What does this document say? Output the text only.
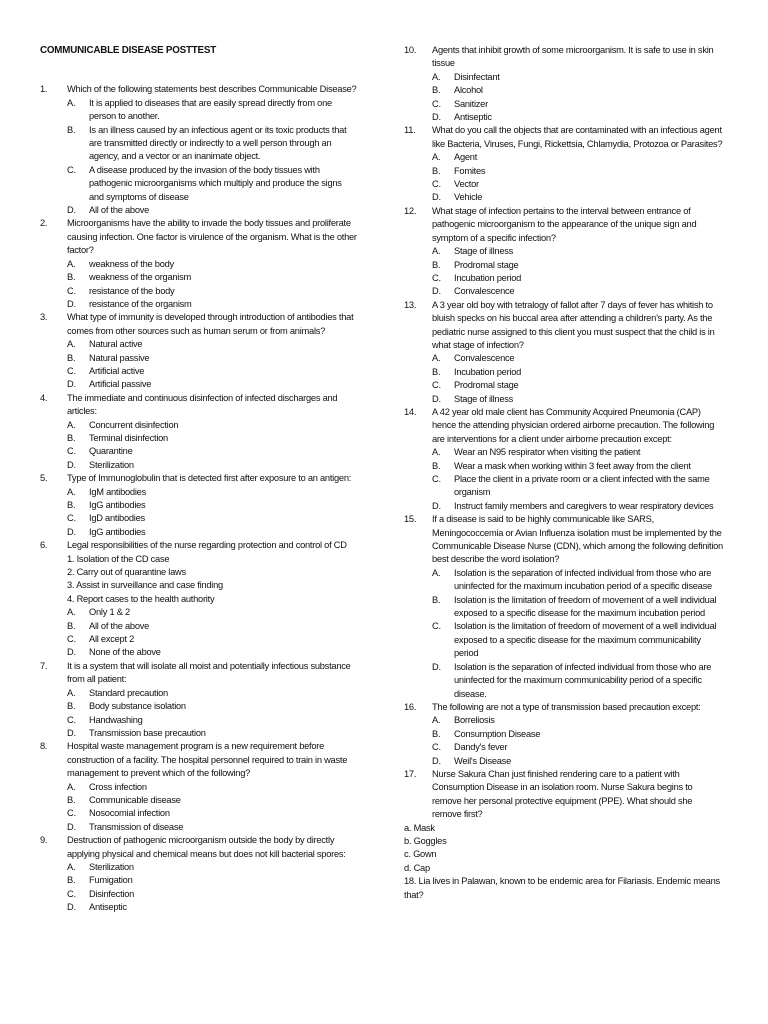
COMMUNICABLE DISEASE POSTTEST
1. Which of the following statements best describes Communicable Disease?
A. It is applied to diseases that are easily spread directly from one person to another.
B. Is an illness caused by an infectious agent or its toxic products that are transmitted directly or indirectly to a well person through an agency, and a vector or an inanimate object.
C. A disease produced by the invasion of the body tissues with pathogenic microorganisms which multiply and produce the signs and symptoms of disease
D. All of the above
2. Microorganisms have the ability to invade the body tissues and proliferate causing infection. One factor is virulence of the organism. What is the other factor?
A. weakness of the body
B. weakness of the organism
C. resistance of the body
D. resistance of the organism
3. What type of immunity is developed through introduction of antibodies that comes from other sources such as human serum or from animals?
A. Natural active
B. Natural passive
C. Artificial active
D. Artificial passive
4. The immediate and continuous disinfection of infected discharges and articles:
A. Concurrent disinfection
B. Terminal disinfection
C. Quarantine
D. Sterilization
5. Type of Immunoglobulin that is detected first after exposure to an antigen:
A. IgM antibodies
B. IgG antibodies
C. IgD antibodies
D. IgG antibodies
6. Legal responsibilities of the nurse regarding protection and control of CD
1. Isolation of the CD case
2. Carry out of quarantine laws
3. Assist in surveillance and case finding
4. Report cases to the health authority
A. Only 1 & 2
B. All of the above
C. All except 2
D. None of the above
7. It is a system that will isolate all moist and potentially infectious substance from all patient:
A. Standard precaution
B. Body substance isolation
C. Handwashing
D. Transmission base precaution
8. Hospital waste management program is a new requirement before construction of a facility. The hospital personnel required to train in waste management to prevent which of the following?
A. Cross infection
B. Communicable disease
C. Nosocomial infection
D. Transmission of disease
9. Destruction of pathogenic microorganism outside the body by directly applying physical and chemical means but does not kill bacterial spores:
A. Sterilization
B. Fumigation
C. Disinfection
D. Antiseptic
10. Agents that inhibit growth of some microorganism. It is safe to use in skin tissue
A. Disinfectant
B. Alcohol
C. Sanitizer
D. Antiseptic
11. What do you call the objects that are contaminated with an infectious agent like Bacteria, Viruses, Fungi, Rickettsia, Chlamydia, Protozoa or Parasites?
A. Agent
B. Fomites
C. Vector
D. Vehicle
12. What stage of infection pertains to the interval between entrance of pathogenic microorganism to the appearance of the unique sign and symptom of a specific infection?
A. Stage of illness
B. Prodromal stage
C. Incubation period
D. Convalescence
13. A 3 year old boy with tetralogy of fallot after 7 days of fever has whitish to bluish specks on his buccal area after attending a children’s party. As the pediatric nurse assigned to this client you must suspect that the child is in what stage of infection?
A. Convalescence
B. Incubation period
C. Prodromal stage
D. Stage of illness
14. A 42 year old male client has Community Acquired Pneumonia (CAP) hence the attending physician ordered airborne precaution. The following are interventions for a client under airborne precaution except:
A. Wear an N95 respirator when visiting the patient
B. Wear a mask when working within 3 feet away from the client
C. Place the client in a private room or a client infected with the same organism
D. Instruct family members and caregivers to wear respiratory devices
15. If a disease is said to be highly communicable like SARS, Meningococcemia or Avian Influenza isolation must be implemented by the Communicable Disease Nurse (CDN), which among the following definition best describe the word isolation?
A. Isolation is the separation of infected individual from those who are uninfected for the maximum incubation period of a specific disease
B. Isolation is the limitation of freedom of movement of a well individual exposed to a specific disease for the maximum incubation period
C. Isolation is the limitation of freedom of movement of a well individual exposed to a specific disease for the maximum communicability period
D. Isolation is the separation of infected individual from those who are uninfected for the maximum communicability period of a specific disease.
16. The following are not a type of transmission based precaution except:
A. Borreliosis
B. Consumption Disease
C. Dandy's fever
D. Weil's Disease
17. Nurse Sakura Chan just finished rendering care to a patient with Consumption Disease in an isolation room. Nurse Sakura begins to remove her personal protective equipment (PPE). What should she remove first?
a. Mask
b. Goggles
c. Gown
d. Cap
18. Lia lives in Palawan, known to be endemic area for Filariasis. Endemic means that?
